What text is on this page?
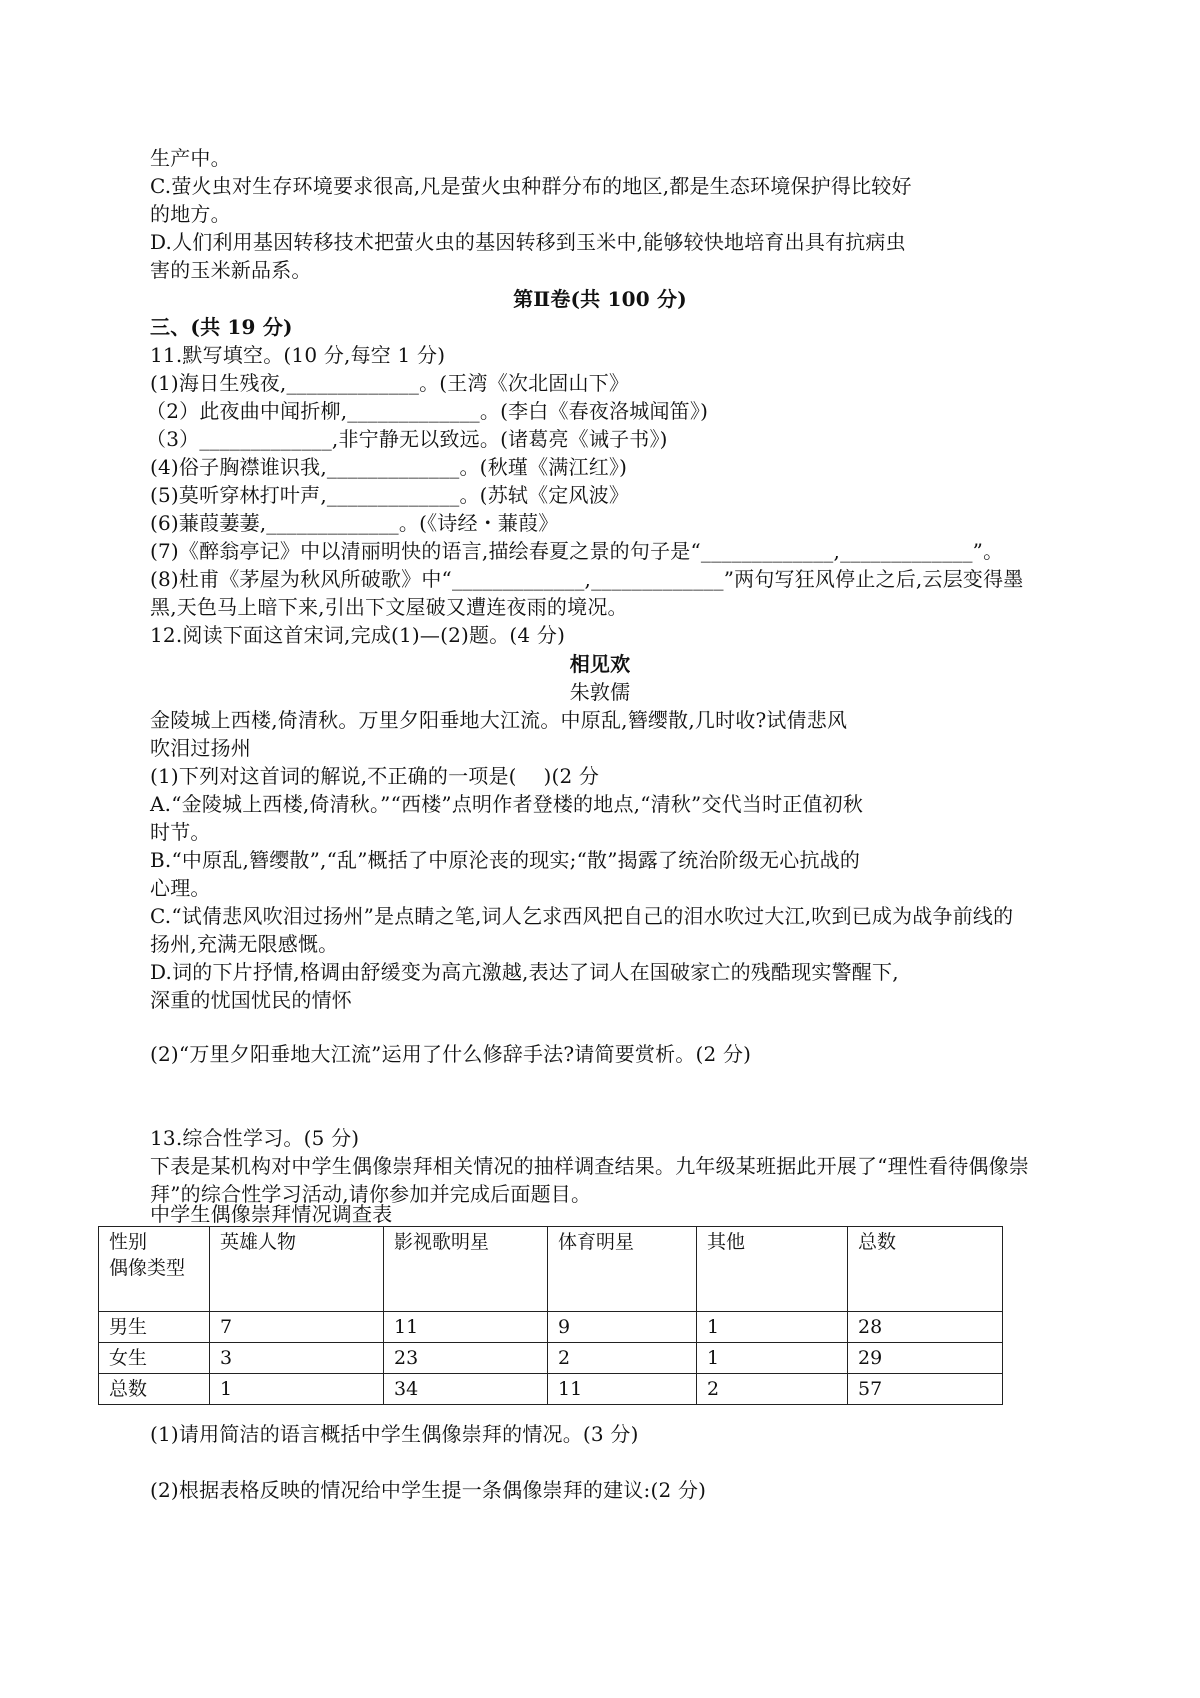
生产中。
C.萤火虫对生存环境要求很高,凡是萤火虫种群分布的地区,都是生态环境保护得比较好
的地方。
D.人们利用基因转移技术把萤火虫的基因转移到玉米中,能够较快地培育出具有抗病虫
害的玉米新品系。
第Ⅱ卷(共 100 分)
三、(共 19 分)
11.默写填空。(10 分,每空 1 分)
(1)海日生残夜,_____________。(王湾《次北固山下》
（2）此夜曲中闻折柳,_____________。(李白《春夜洛城闻笛》)
（3）_____________,非宁静无以致远。(诸葛亮《诫子书》)
(4)俗子胸襟谁识我,_____________。(秋瑾《满江红》)
(5)莫听穿林打叶声,_____________。(苏轼《定风波》
(6)蒹葭萋萋,_____________。(《诗经・蒹葭》
(7)《醉翁亭记》中以清丽明快的语言,描绘春夏之景的句子是“_____________,_____________”。
(8)杜甫《茅屋为秋风所破歌》中“_____________,_____________”两句写狂风停止之后,云层变得墨
黑,天色马上暗下来,引出下文屋破又遭连夜雨的境况。
12.阅读下面这首宋词,完成(1)—(2)题。(4 分)
相见欢
朱敦儒
金陵城上西楼,倚清秋。万里夕阳垂地大江流。中原乱,簪缨散,几时收?试倩悲风
吹泪过扬州
(1)下列对这首词的解说,不正确的一项是(　 )(2 分
A.“金陵城上西楼,倚清秋。”“西楼”点明作者登楼的地点,“清秋”交代当时正值初秋
时节。
B.“中原乱,簪缨散”,“乱”概括了中原沦丧的现实;“散”揭露了统治阶级无心抗战的
心理。
C.“试倩悲风吹泪过扬州”是点睛之笔,词人乞求西风把自己的泪水吹过大江,吹到已成为战争前线的
扬州,充满无限感慨。
D.词的下片抒情,格调由舒缓变为高亢激越,表达了词人在国破家亡的残酷现实警醒下,
深重的忧国忧民的情怀
(2)“万里夕阳垂地大江流”运用了什么修辞手法?请简要赏析。(2 分)
13.综合性学习。(5 分)
下表是某机构对中学生偶像崇拜相关情况的抽样调查结果。九年级某班据此开展了“理性看待偶像崇
拜”的综合性学习活动,请你参加并完成后面题目。
中学生偶像崇拜情况调查表
性别
偶像类型	英雄人物	影视歌明星	体育明星	其他	总数
男生	7	11	9	1	28
女生	3	23	2	1	29
总数	1	34	11	2	57
(1)请用简洁的语言概括中学生偶像崇拜的情况。(3 分)
(2)根据表格反映的情况给中学生提一条偶像崇拜的建议:(2 分)
